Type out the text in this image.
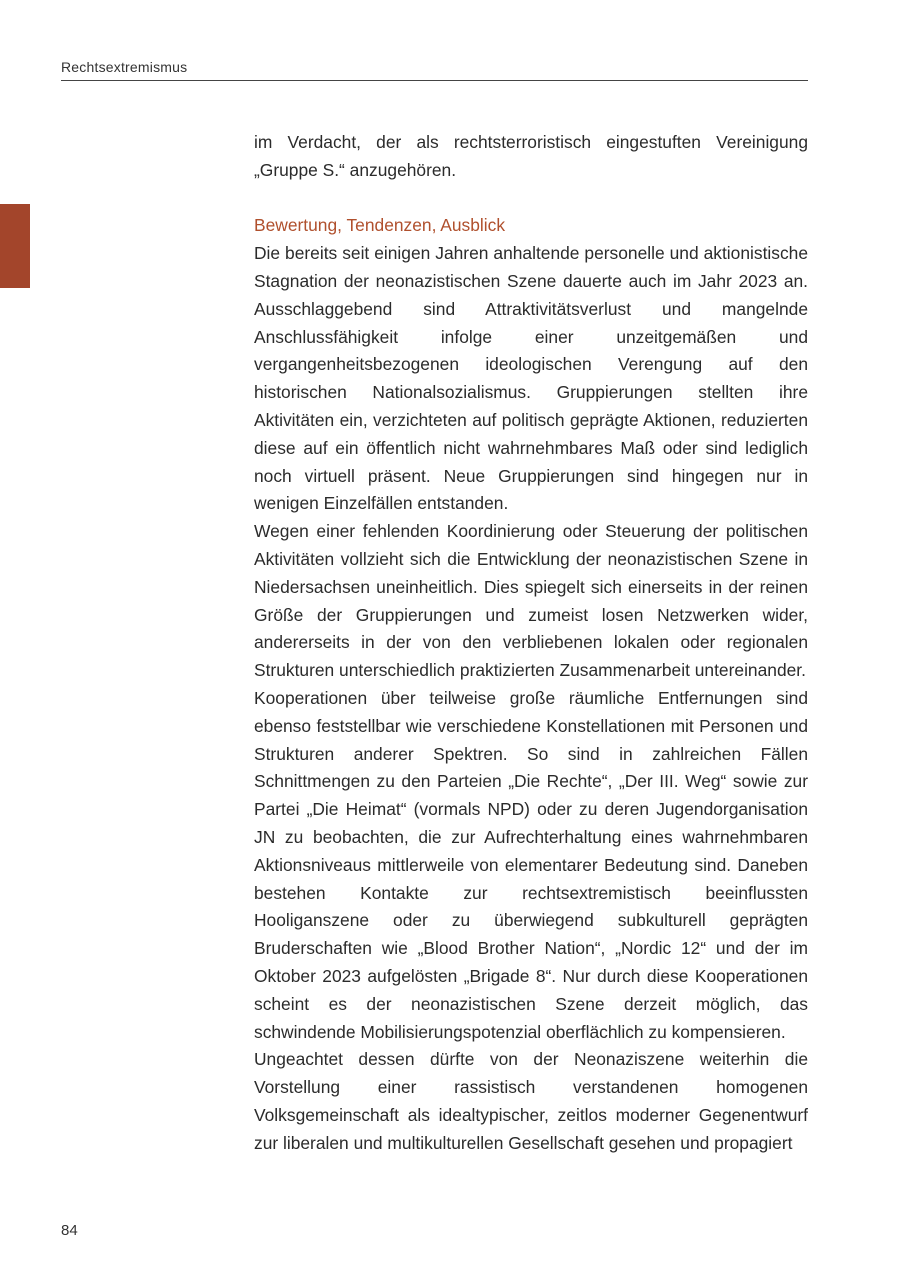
Rechtsextremismus

im Verdacht, der als rechtsterroristisch eingestuften Vereinigung „Gruppe S.“ anzugehören.

Bewertung, Tendenzen, Ausblick

Die bereits seit einigen Jahren anhaltende personelle und aktionistische Stagnation der neonazistischen Szene dauerte auch im Jahr 2023 an. Ausschlaggebend sind Attraktivitätsverlust und mangelnde Anschlussfähigkeit infolge einer unzeitgemäßen und vergangenheitsbezogenen ideologischen Verengung auf den historischen Nationalsozialismus. Gruppierungen stellten ihre Aktivitäten ein, verzichteten auf politisch geprägte Aktionen, reduzierten diese auf ein öffentlich nicht wahrnehmbares Maß oder sind lediglich noch virtuell präsent. Neue Gruppierungen sind hingegen nur in wenigen Einzelfällen entstanden.

Wegen einer fehlenden Koordinierung oder Steuerung der politischen Aktivitäten vollzieht sich die Entwicklung der neonazistischen Szene in Niedersachsen uneinheitlich. Dies spiegelt sich einerseits in der reinen Größe der Gruppierungen und zumeist losen Netzwerken wider, andererseits in der von den verbliebenen lokalen oder regionalen Strukturen unterschiedlich praktizierten Zusammenarbeit untereinander.

Kooperationen über teilweise große räumliche Entfernungen sind ebenso feststellbar wie verschiedene Konstellationen mit Personen und Strukturen anderer Spektren. So sind in zahlreichen Fällen Schnittmengen zu den Parteien „Die Rechte“, „Der III. Weg“ sowie zur Partei „Die Heimat“ (vormals NPD) oder zu deren Jugendorganisation JN zu beobachten, die zur Aufrechterhaltung eines wahrnehmbaren Aktionsniveaus mittlerweile von elementarer Bedeutung sind. Daneben bestehen Kontakte zur rechtsextremistisch beeinflussten Hooliganszene oder zu überwiegend subkulturell geprägten Bruderschaften wie „Blood Brother Nation“, „Nordic 12“ und der im Oktober 2023 aufgelösten „Brigade 8“. Nur durch diese Kooperationen scheint es der neonazistischen Szene derzeit möglich, das schwindende Mobilisierungspotenzial oberflächlich zu kompensieren.

Ungeachtet dessen dürfte von der Neonaziszene weiterhin die Vorstellung einer rassistisch verstandenen homogenen Volksgemeinschaft als idealtypischer, zeitlos moderner Gegenentwurf zur liberalen und multikulturellen Gesellschaft gesehen und propagiert

84
